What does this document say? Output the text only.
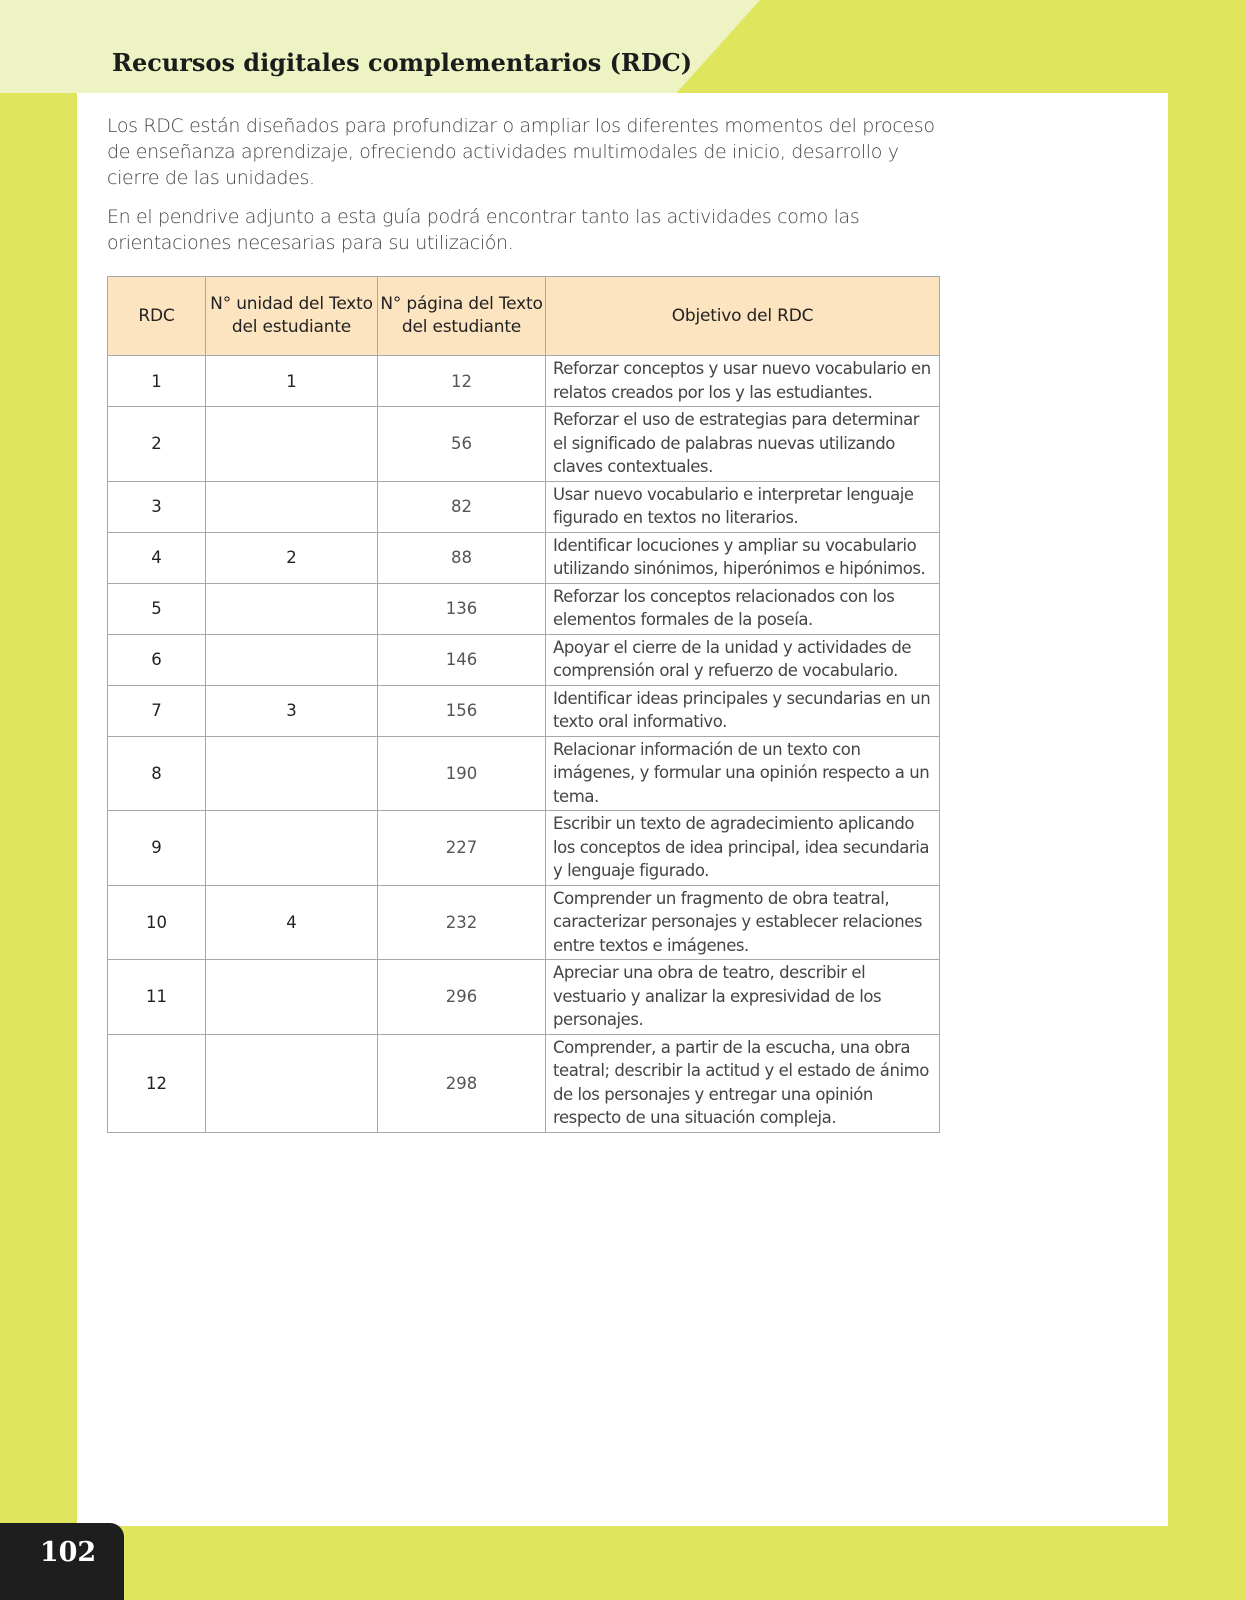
Recursos digitales complementarios (RDC)

Los RDC están diseñados para profundizar o ampliar los diferentes momentos del proceso de enseñanza aprendizaje, ofreciendo actividades multimodales de inicio, desarrollo y cierre de las unidades.

En el pendrive adjunto a esta guía podrá encontrar tanto las actividades como las orientaciones necesarias para su utilización.

RDC	N° unidad del Texto del estudiante	N° página del Texto del estudiante	Objetivo del RDC
1	1	12	Reforzar conceptos y usar nuevo vocabulario en relatos creados por los y las estudiantes.
2		56	Reforzar el uso de estrategias para determinar el significado de palabras nuevas utilizando claves contextuales.
3		82	Usar nuevo vocabulario e interpretar lenguaje figurado en textos no literarios.
4	2	88	Identificar locuciones y ampliar su vocabulario utilizando sinónimos, hiperónimos e hipónimos.
5		136	Reforzar los conceptos relacionados con los elementos formales de la poseía.
6		146	Apoyar el cierre de la unidad y actividades de comprensión oral y refuerzo de vocabulario.
7	3	156	Identificar ideas principales y secundarias en un texto oral informativo.
8		190	Relacionar información de un texto con imágenes, y formular una opinión respecto a un tema.
9		227	Escribir un texto de agradecimiento aplicando los conceptos de idea principal, idea secundaria y lenguaje figurado.
10	4	232	Comprender un fragmento de obra teatral, caracterizar personajes y establecer relaciones entre textos e imágenes.
11		296	Apreciar una obra de teatro, describir el vestuario y analizar la expresividad de los personajes.
12		298	Comprender, a partir de la escucha, una obra teatral; describir la actitud y el estado de ánimo de los personajes y entregar una opinión respecto de una situación compleja.
102
